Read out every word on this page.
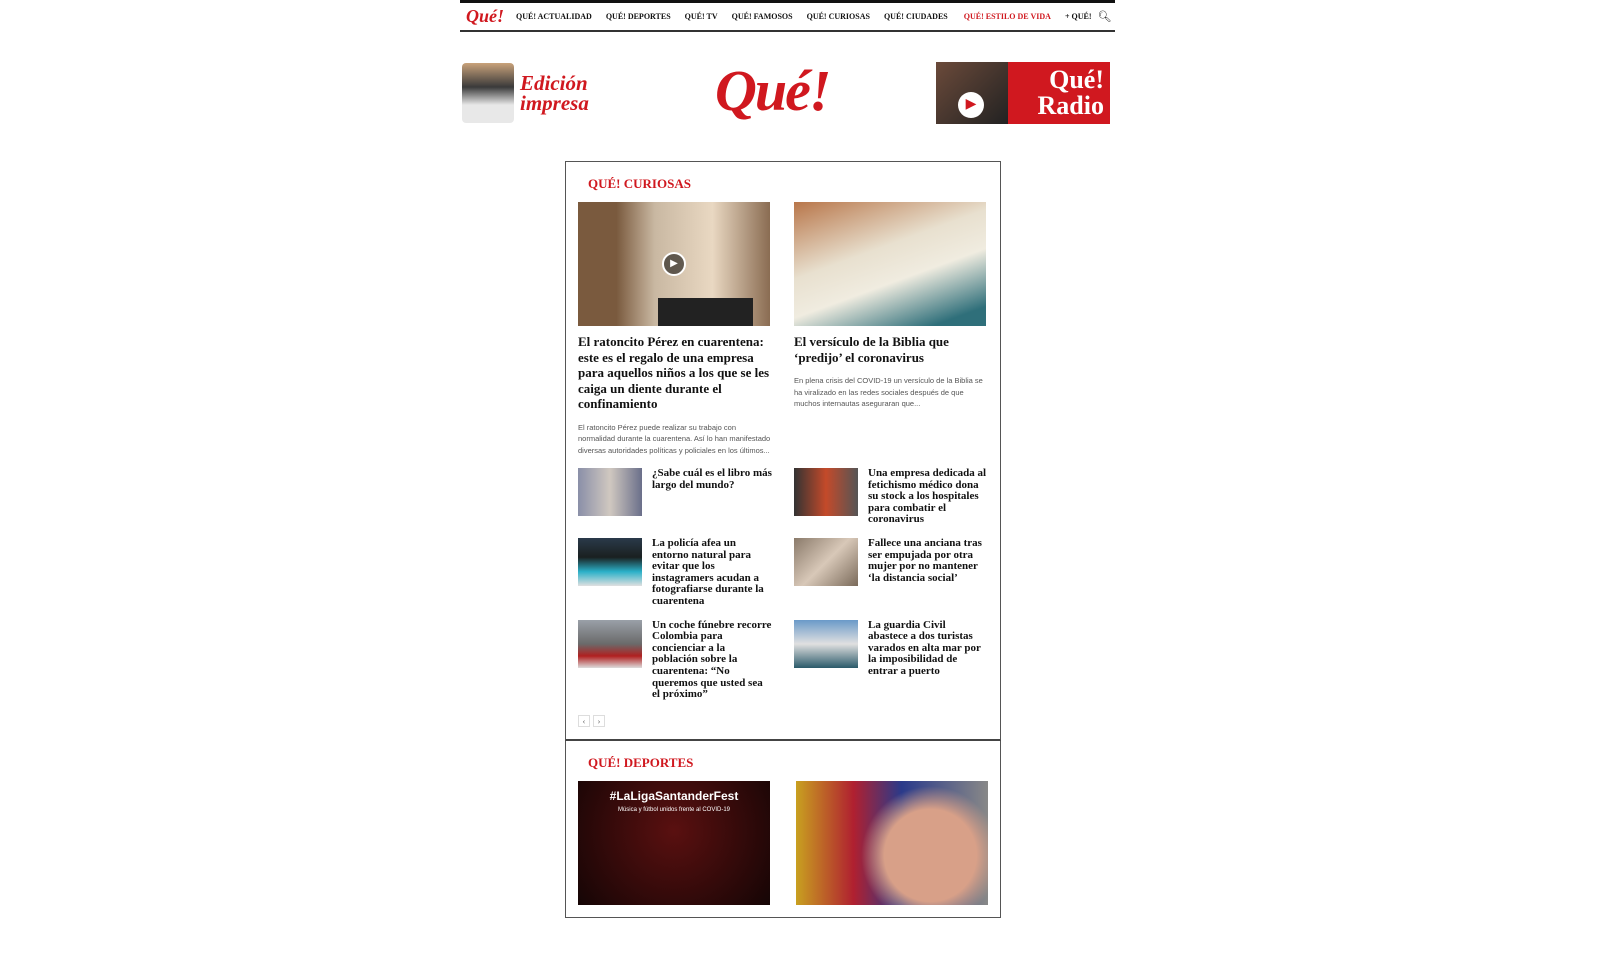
Qué! QUÉ! ACTUALIDAD QUÉ! DEPORTES QUÉ! TV QUÉ! FAMOSOS QUÉ! CURIOSAS QUÉ! CIUDADES QUÉ! ESTILO DE VIDA + QUÉ! 🔍︎
Edición impresa	Qué!	▶
Qué! Radio
QUÉ! CURIOSAS
▶
El ratoncito Pérez en cuarentena: este es el regalo de una empresa para aquellos niños a los que se les caiga un diente durante el confinamiento
El ratoncito Pérez puede realizar su trabajo con normalidad durante la cuarentena. Así lo han manifestado diversas autoridades políticas y policiales en los últimos...
El versículo de la Biblia que ‘predijo’ el coronavirus
En plena crisis del COVID-19 un versículo de la Biblia se ha viralizado en las redes sociales después de que muchos internautas aseguraran que...
¿Sabe cuál es el libro más largo del mundo?
Una empresa dedicada al fetichismo médico dona su stock a los hospitales para combatir el coronavirus
La policía afea un entorno natural para evitar que los instagramers acudan a fotografiarse durante la cuarentena
Fallece una anciana tras ser empujada por otra mujer por no mantener ‘la distancia social’
Un coche fúnebre recorre Colombia para concienciar a la población sobre la cuarentena: “No queremos que usted sea el próximo”
La guardia Civil abastece a dos turistas varados en alta mar por la imposibilidad de entrar a puerto
‹	›
QUÉ! DEPORTES
#LaLigaSantanderFest
Música y fútbol unidos frente al COVID-19
